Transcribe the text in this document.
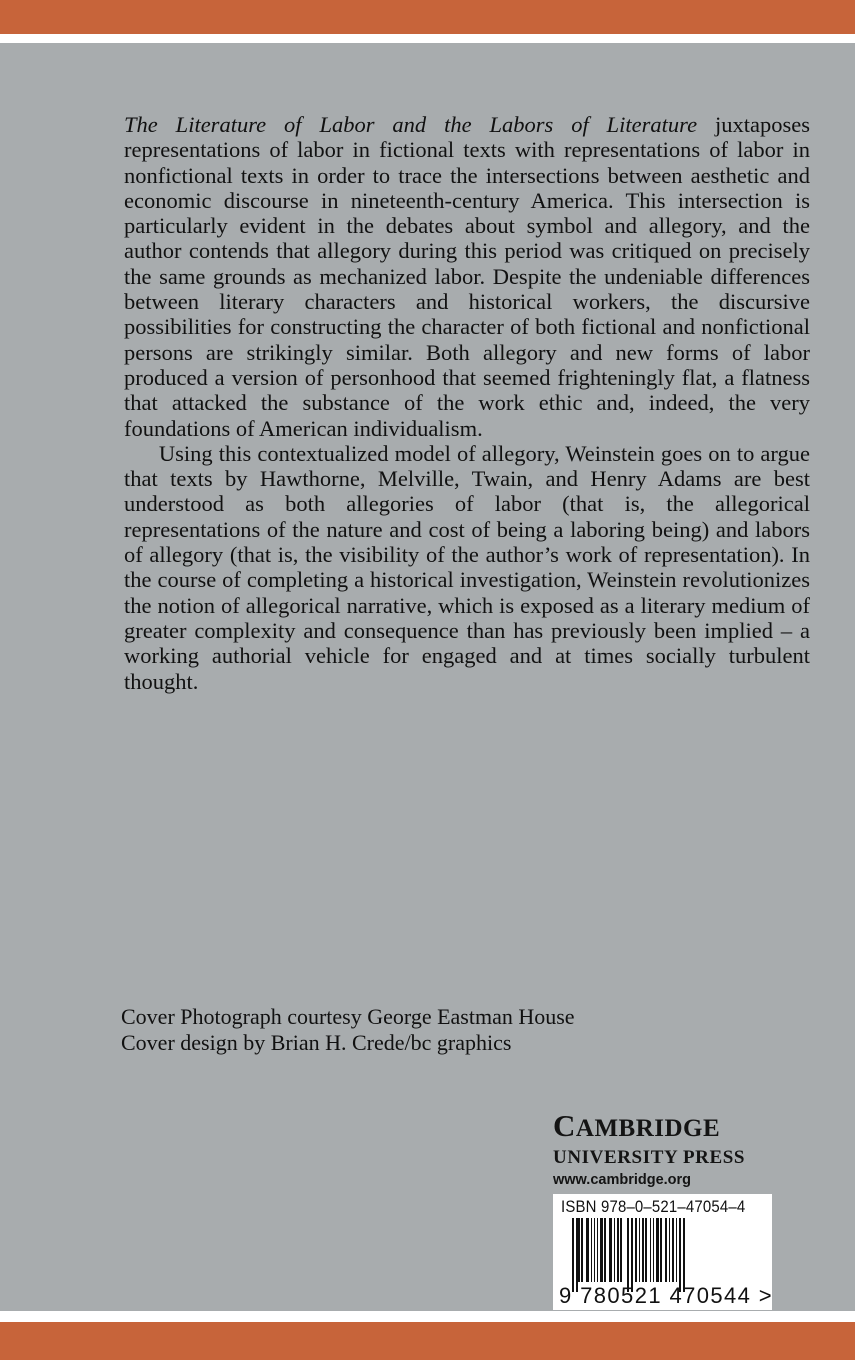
The Literature of Labor and the Labors of Literature juxtaposes representations of labor in fictional texts with representations of labor in nonfictional texts in order to trace the intersections between aesthetic and economic discourse in nineteenth-century America. This intersection is particularly evident in the debates about symbol and allegory, and the author contends that allegory during this period was critiqued on precisely the same grounds as mechanized labor. Despite the undeniable differences between literary characters and historical workers, the discursive possibilities for constructing the character of both fictional and nonfictional persons are strikingly similar. Both allegory and new forms of labor produced a version of personhood that seemed frighteningly flat, a flatness that attacked the substance of the work ethic and, indeed, the very foundations of American individualism.

Using this contextualized model of allegory, Weinstein goes on to argue that texts by Hawthorne, Melville, Twain, and Henry Adams are best understood as both allegories of labor (that is, the allegorical representations of the nature and cost of being a laboring being) and labors of allegory (that is, the visibility of the author’s work of representation). In the course of completing a historical investigation, Weinstein revolutionizes the notion of allegorical narrative, which is exposed as a literary medium of greater complexity and consequence than has previously been implied – a working authorial vehicle for engaged and at times socially turbulent thought.

Cover Photograph courtesy George Eastman House
Cover design by Brian H. Crede/bc graphics
CAMBRIDGE
UNIVERSITY PRESS
www.cambridge.org
ISBN 978–0–521–47054–4
9 780521 470544 >
